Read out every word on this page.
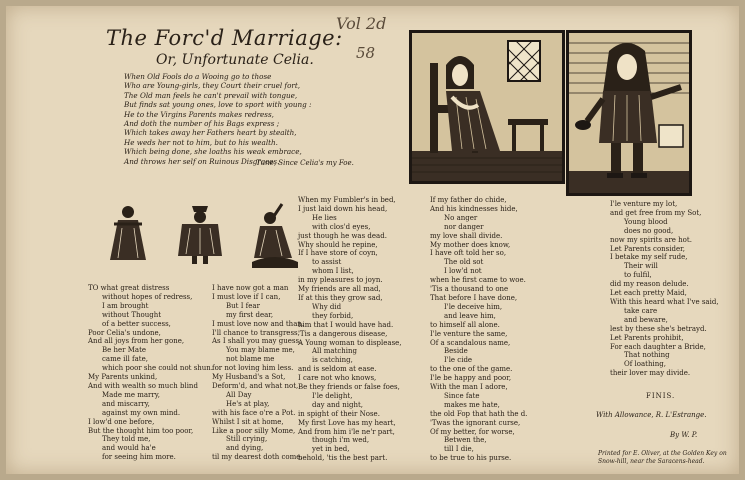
The Forc'd Marriage:
Or, Unfortunate Celia.
When Old Fools do a Wooing go to those
Who are Young-girls, they Court their cruel fort,
The Old man feels he can't prevail with tongue,
But finds sat young ones, love to sport with young :
He to the Virgins Parents makes redress,
And doth the number of his Bags express ;
Which takes away her Fathers heart by stealth,
He weds her not to him, but to his wealth.
Which being done, she loaths his weak embrace,
And throws her self on Ruinous Disgraces.
Tune, Since Celia's my Foe.
Vol 2d
58
TO what great distress
without hopes of redress,
I am brought
without Thought
of a better success,
Poor Celia's undone,
And all joys from her gone,
Be her Mate
came ill fate,
which poor she could not shun.
My Parents unkind,
And with wealth so much blind
Made me marry,
and miscarry,
against my own mind.
I low'd one before,
But the thought him too poor,
They told me,
and would ha'e
for seeing him more.
I have now got a man
I must love if I can,
But I fear
my first dear,
I must love now and than.
I'll chance to transgress,
As I shall you may guess,
You may blame me,
not blame me
for not loving him less.
My Husband's a Sot,
Deform'd, and what not,
All Day
He's at play,
with his face o're a Pot.
Whilst I sit at home,
Like a poor silly Mome,
Still crying,
and dying,
til my dearest doth come.
When my Fumbler's in bed,
I just laid down his head,
He lies
with clos'd eyes,
just though he was dead.
Why should he repine,
If I have store of coyn,
to assist
whom I list,
in my pleasures to joyn.
My friends are all mad,
If at this they grow sad,
Why did
they forbid,
him that I would have had.
'Tis a dangerous disease,
A Young woman to displease,
All matching
is catching,
and is seldom at ease.
I care not who knows,
Be they friends or false foes,
I'le delight,
day and night,
in spight of their Nose.
My first Love has my heart,
And from him i'le ne'r part,
though i'm wed,
yet in bed,
behold, 'tis the best part.
If my father do chide,
And his kindnesses hide,
No anger
nor danger
my love shall divide.
My mother does know,
I have oft told her so,
The old sot
I low'd not
when he first came to woe.
'Tis a thousand to one
That before I have done,
I'le deceive him,
and leave him,
to himself all alone.
I'le venture the same,
Of a scandalous name,
Beside
I'le cide
to the one of the game.
I'le be happy and poor,
With the man I adore,
Since fate
makes me hate,
the old Fop that hath the d.
'Twas the ignorant curse,
Of my better, for worse,
Betwen the,
till I die,
to be true to his purse.
I'le venture my lot,
and get free from my Sot,
Young blood
does no good,
now my spirits are hot.
Let Parents consider,
I betake my self rude,
Their will
to fulfil,
did my reason delude.
Let each pretty Maid,
With this heard what I've said,
take care
and beware,
lest by these she's betrayd.
Let Parents prohibit,
For each daughter a Bride,
That nothing
Of loathing,
their lover may divide.
FINIS.
With Allowance, R. L'Estrange.
By W. P.
Printed for E. Oliver, at the Golden Key on Snow-hill, near the Saracens-head.
